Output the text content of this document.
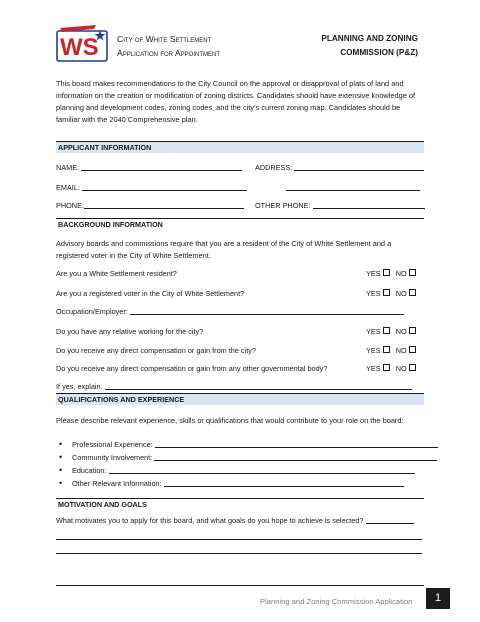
WS City of White Settlement
Application for Appointment
PLANNING AND ZONING
COMMISSION (P&Z)
This board makes recommendations to the City Council on the approval or disapproval of plats of land and information on the creation or modification of zoning districts. Candidates should have extensive knowledge of planning and development codes, zoning codes, and the city’s current zoning map. Candidates should be familiar with the 2040 Comprehensive plan.
APPLICANT INFORMATION
NAME:	ADDRESS:
EMAIL:
PHONE:	OTHER PHONE:
BACKGROUND INFORMATION
Advisory boards and commissions require that you are a resident of the City of White Settlement and a registered voter in the City of White Settlement.
Are you a White Settlement resident?	YES NO
Are you a registered voter in the City of White Settlement?	YES NO
Occupation/Employer:
Do you have any relative working for the city?	YES NO
Do you receive any direct compensation or gain from the city?	YES NO
Do you receive any direct compensation or gain from any other governmental body?	YES NO
If yes, explain.
QUALIFICATIONS AND EXPERIENCE
Please describe relevant experience, skills or qualifications that would contribute to your role on the board:
• Professional Experience:
• Community Involvement:
• Education:
• Other Relevant Information:
MOTIVATION AND GOALS
What motivates you to apply for this board, and what goals do you hope to achieve is selected?
Planning and Zoning Commission Application	1
